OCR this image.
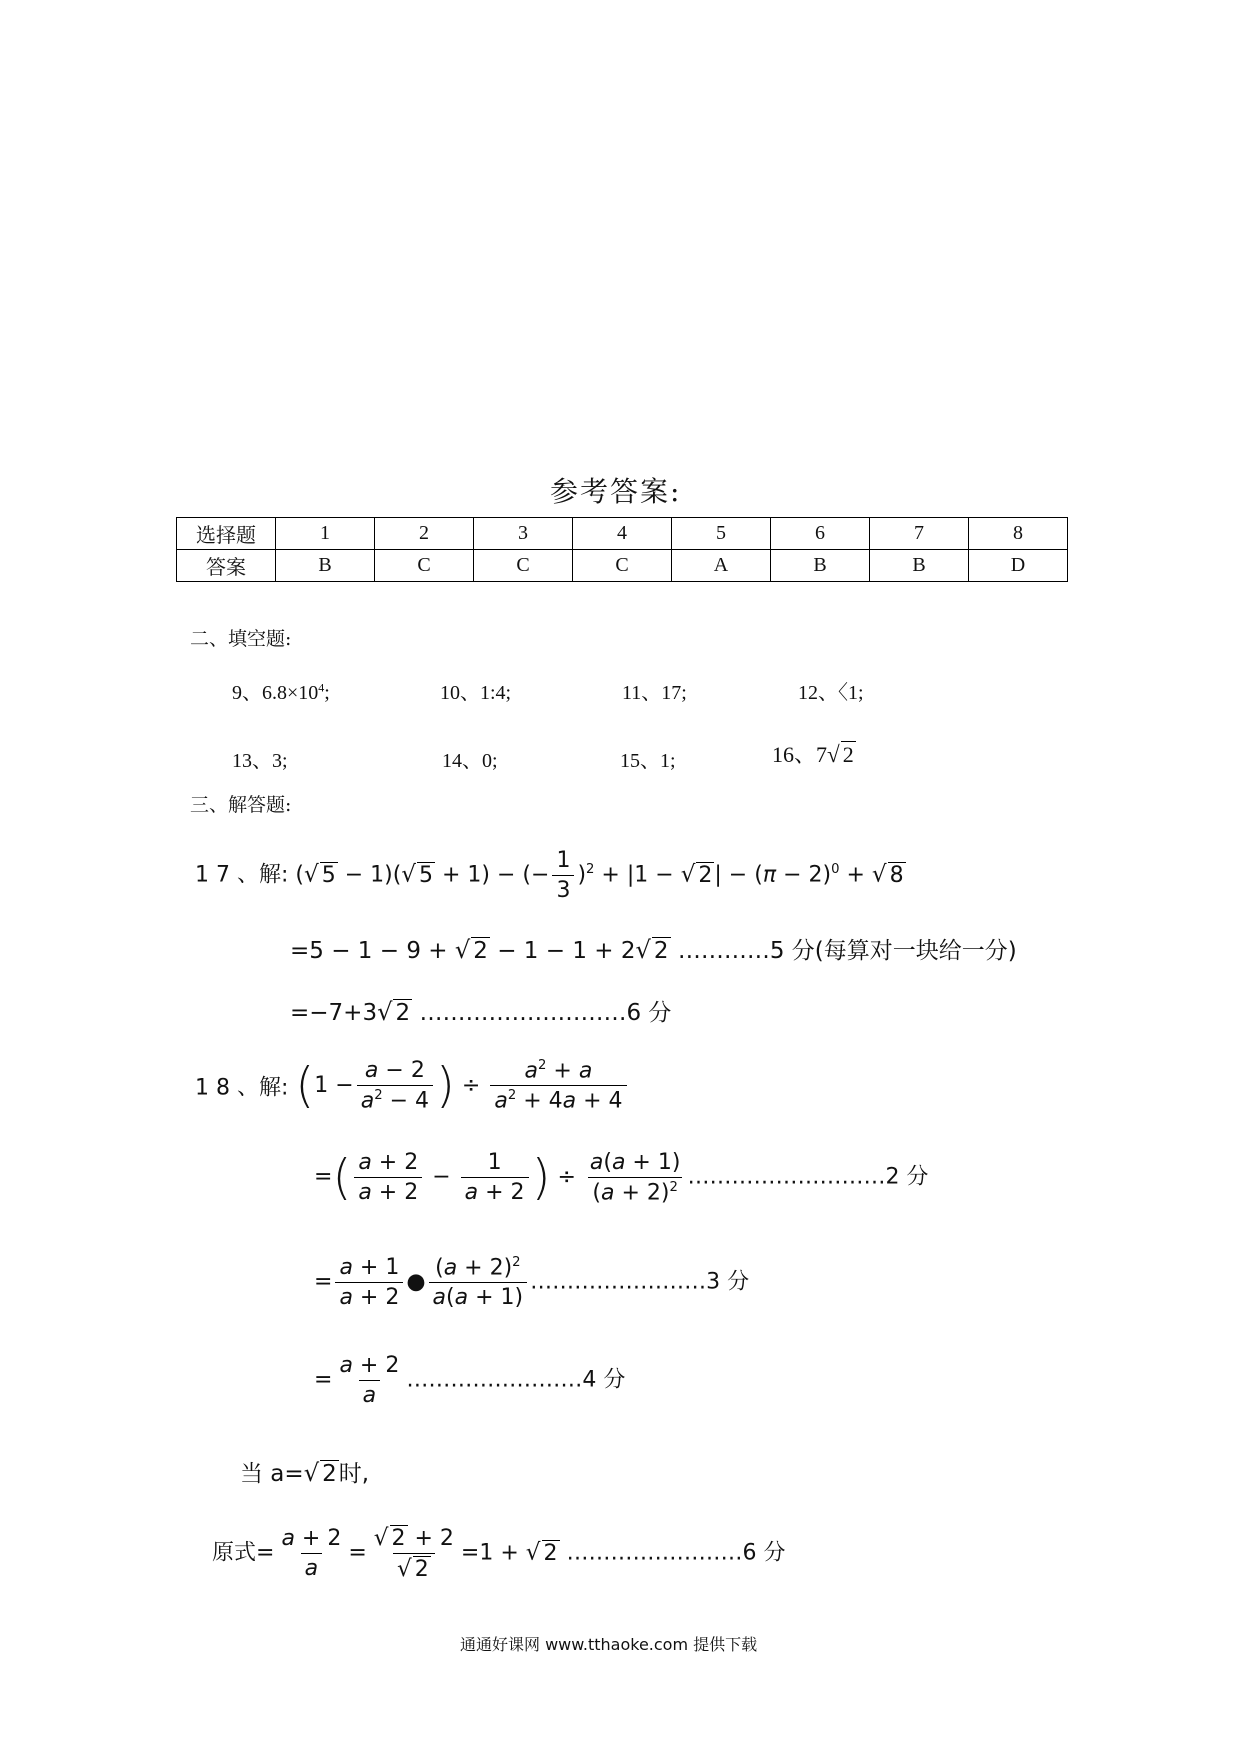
参考答案:
选择题	1	2	3	4	5	6	7	8
答案	B	C	C	C	A	B	B	D
二、填空题:
9、$6.8\times 10^4$;	10、1:4;	11、17;	12、〈1;
13、3;	14、0;	15、1;	16、7√ 2
三、解答题:
1 7 、解: (√ 5 − 1)(√ 5 + 1) − (− $\frac{1}{3} )^2 + |1$ − √ $2| - (\pi - 2)^0$ + √ 8
=5 − 1 − 9 + √ 2 − 1 − 1 + 2√ 2 …………5 分(每算对一块给一分)
=−7+3√ 2 ………………………6 分
1 8 、解: ($1 - \frac{a - 2}{a^2 - 4}$ ) ÷ $\frac{a^2 + a}{a^2 + 4a + 4}$
=( $\frac{a + 2}{a + 2} - \frac{1}{a + 2}$ ) ÷ $\frac{a(a + 1)}{(a + 2)^2}$ ………………………2 分
= $\frac{a + 1}{a + 2}$ ● $\frac{(a + 2)^2}{a(a + 1)}$ ……………………3 分
= $\frac{a + 2}{a}$ ……………………4 分
当 a=√ 2时,
原式= $\frac{a + 2}{a} = \frac{√ 2 + 2}{√ 2} =1$ + √ 2 ……………………6 分
通通好课网 www.tthaoke.com 提供下载
